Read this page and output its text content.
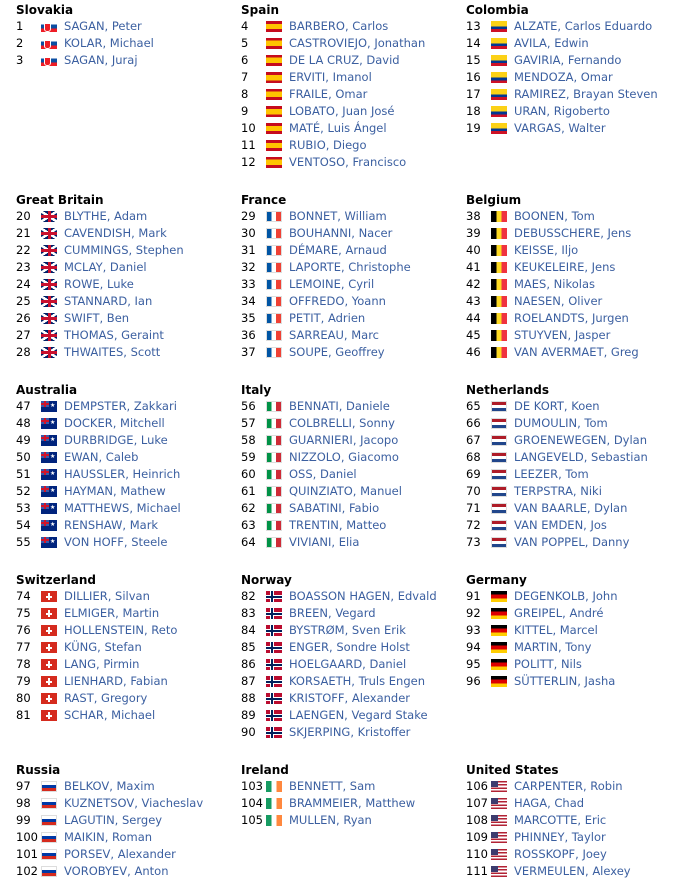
Slovakia
1	SAGAN, Peter
2	KOLAR, Michael
3	SAGAN, Juraj
Spain
4	BARBERO, Carlos
5	CASTROVIEJO, Jonathan
6	DE LA CRUZ, David
7	ERVITI, Imanol
8	FRAILE, Omar
9	LOBATO, Juan José
10	MATÉ, Luis Ángel
11	RUBIO, Diego
12	VENTOSO, Francisco
Colombia
13	ALZATE, Carlos Eduardo
14	AVILA, Edwin
15	GAVIRIA, Fernando
16	MENDOZA, Omar
17	RAMIREZ, Brayan Steven
18	URAN, Rigoberto
19	VARGAS, Walter
Great Britain
20	BLYTHE, Adam
21	CAVENDISH, Mark
22	CUMMINGS, Stephen
23	MCLAY, Daniel
24	ROWE, Luke
25	STANNARD, Ian
26	SWIFT, Ben
27	THOMAS, Geraint
28	THWAITES, Scott
France
29	BONNET, William
30	BOUHANNI, Nacer
31	DÉMARE, Arnaud
32	LAPORTE, Christophe
33	LEMOINE, Cyril
34	OFFREDO, Yoann
35	PETIT, Adrien
36	SARREAU, Marc
37	SOUPE, Geoffrey
Belgium
38	BOONEN, Tom
39	DEBUSSCHERE, Jens
40	KEISSE, Iljo
41	KEUKELEIRE, Jens
42	MAES, Nikolas
43	NAESEN, Oliver
44	ROELANDTS, Jurgen
45	STUYVEN, Jasper
46	VAN AVERMAET, Greg
Australia
47 ★	DEMPSTER, Zakkari
48 ★	DOCKER, Mitchell
49 ★	DURBRIDGE, Luke
50 ★	EWAN, Caleb
51 ★	HAUSSLER, Heinrich
52 ★	HAYMAN, Mathew
53 ★	MATTHEWS, Michael
54 ★	RENSHAW, Mark
55 ★	VON HOFF, Steele
Italy
56	BENNATI, Daniele
57	COLBRELLI, Sonny
58	GUARNIERI, Jacopo
59	NIZZOLO, Giacomo
60	OSS, Daniel
61	QUINZIATO, Manuel
62	SABATINI, Fabio
63	TRENTIN, Matteo
64	VIVIANI, Elia
Netherlands
65	DE KORT, Koen
66	DUMOULIN, Tom
67	GROENEWEGEN, Dylan
68	LANGEVELD, Sebastian
69	LEEZER, Tom
70	TERPSTRA, Niki
71	VAN BAARLE, Dylan
72	VAN EMDEN, Jos
73	VAN POPPEL, Danny
Switzerland
74	DILLIER, Silvan
75	ELMIGER, Martin
76	HOLLENSTEIN, Reto
77	KÜNG, Stefan
78	LANG, Pirmin
79	LIENHARD, Fabian
80	RAST, Gregory
81	SCHAR, Michael
Norway
82	BOASSON HAGEN, Edvald
83	BREEN, Vegard
84	BYSTRØM, Sven Erik
85	ENGER, Sondre Holst
86	HOELGAARD, Daniel
87	KORSAETH, Truls Engen
88	KRISTOFF, Alexander
89	LAENGEN, Vegard Stake
90	SKJERPING, Kristoffer
Germany
91	DEGENKOLB, John
92	GREIPEL, André
93	KITTEL, Marcel
94	MARTIN, Tony
95	POLITT, Nils
96	SÜTTERLIN, Jasha
Russia
97	BELKOV, Maxim
98	KUZNETSOV, Viacheslav
99	LAGUTIN, Sergey
100 MAIKIN, Roman
101 PORSEV, Alexander
102 VOROBYEV, Anton
Ireland
103 BENNETT, Sam
104 BRAMMEIER, Matthew
105 MULLEN, Ryan
United States
106 CARPENTER, Robin
107 HAGA, Chad
108 MARCOTTE, Eric
109 PHINNEY, Taylor
110 ROSSKOPF, Joey
111 VERMEULEN, Alexey
